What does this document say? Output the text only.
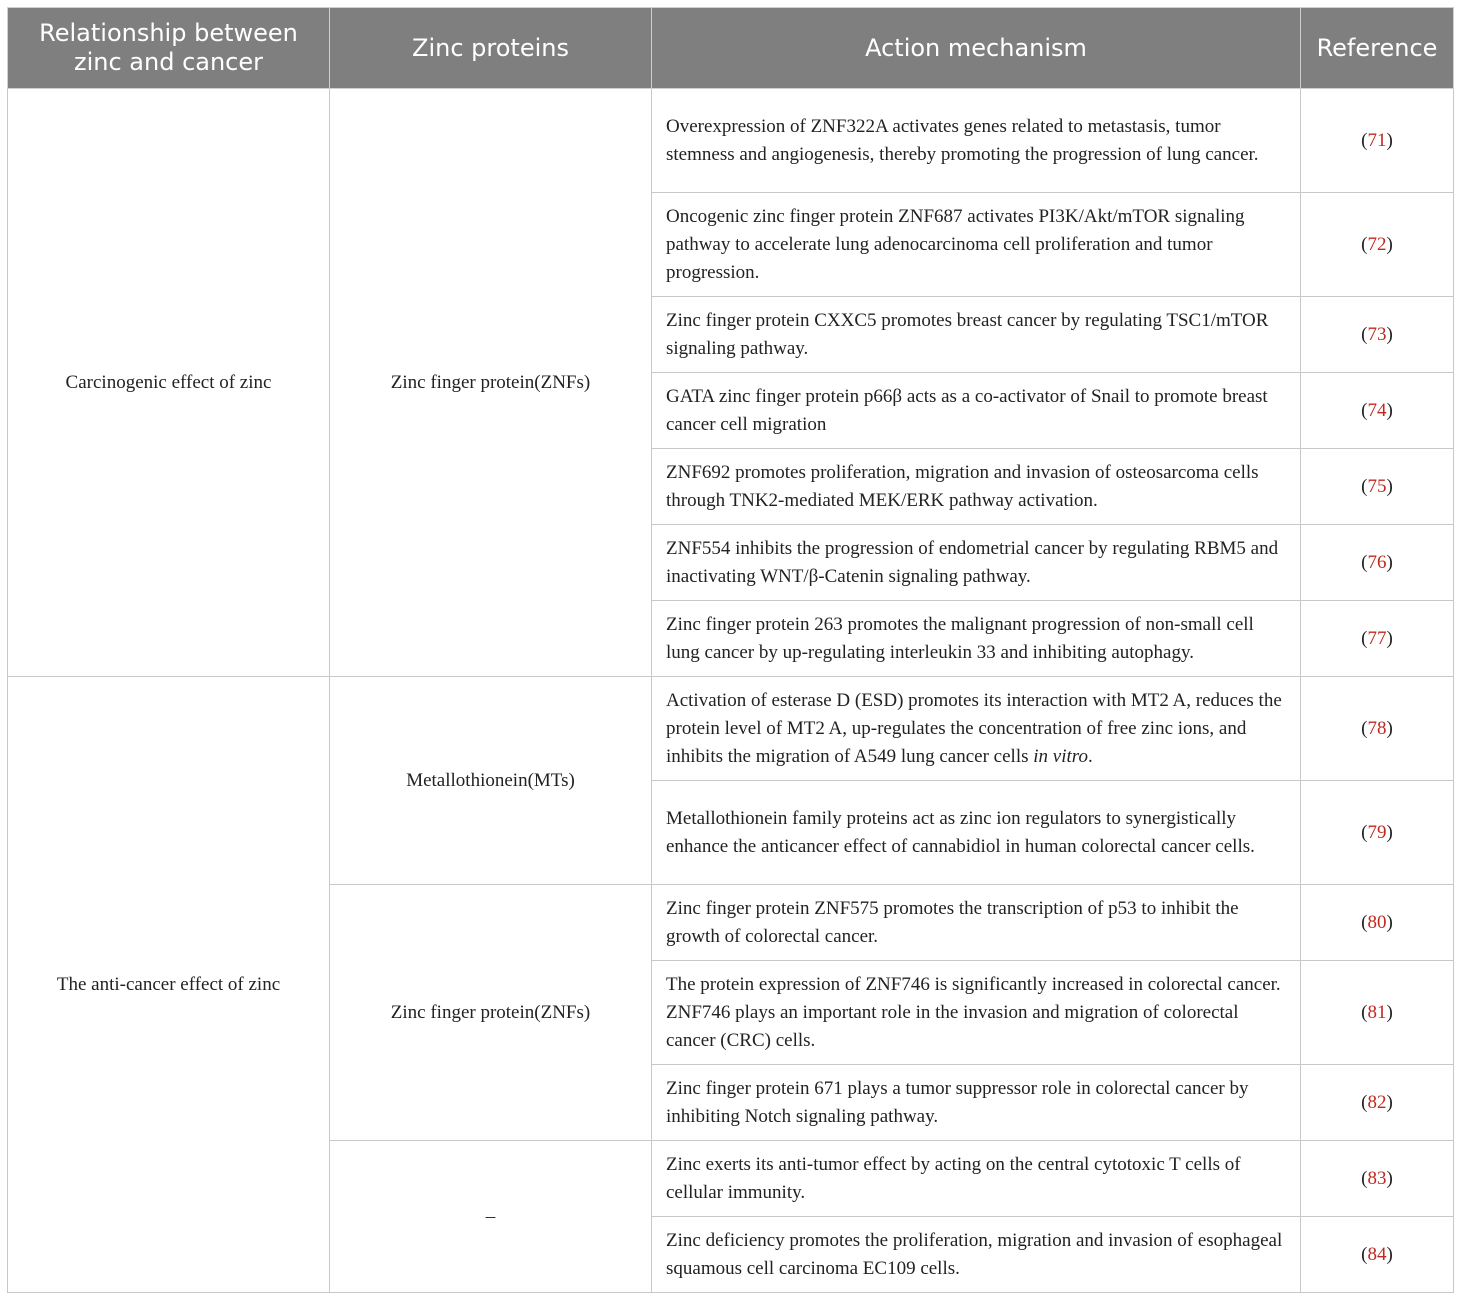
Relationship between zinc and cancer	Zinc proteins	Action mechanism	Reference
Carcinogenic effect of zinc	Zinc finger protein(ZNFs)	Overexpression of ZNF322A activates genes related to metastasis, tumor stemness and angiogenesis, thereby promoting the progression of lung cancer.	(71)
		Oncogenic zinc finger protein ZNF687 activates PI3K/Akt/mTOR signaling pathway to accelerate lung adenocarcinoma cell proliferation and tumor progression.	(72)
		Zinc finger protein CXXC5 promotes breast cancer by regulating TSC1/mTOR signaling pathway.	(73)
		GATA zinc finger protein p66β acts as a co-activator of Snail to promote breast cancer cell migration	(74)
		ZNF692 promotes proliferation, migration and invasion of osteosarcoma cells through TNK2-mediated MEK/ERK pathway activation.	(75)
		ZNF554 inhibits the progression of endometrial cancer by regulating RBM5 and inactivating WNT/β-Catenin signaling pathway.	(76)
		Zinc finger protein 263 promotes the malignant progression of non-small cell lung cancer by up-regulating interleukin 33 and inhibiting autophagy.	(77)
The anti-cancer effect of zinc	Metallothionein(MTs)	Activation of esterase D (ESD) promotes its interaction with MT2 A, reduces the protein level of MT2 A, up-regulates the concentration of free zinc ions, and inhibits the migration of A549 lung cancer cells in vitro.	(78)
		Metallothionein family proteins act as zinc ion regulators to synergistically enhance the anticancer effect of cannabidiol in human colorectal cancer cells.	(79)
	Zinc finger protein(ZNFs)	Zinc finger protein ZNF575 promotes the transcription of p53 to inhibit the growth of colorectal cancer.	(80)
		The protein expression of ZNF746 is significantly increased in colorectal cancer. ZNF746 plays an important role in the invasion and migration of colorectal cancer (CRC) cells.	(81)
		Zinc finger protein 671 plays a tumor suppressor role in colorectal cancer by inhibiting Notch signaling pathway.	(82)
	–	Zinc exerts its anti-tumor effect by acting on the central cytotoxic T cells of cellular immunity.	(83)
		Zinc deficiency promotes the proliferation, migration and invasion of esophageal squamous cell carcinoma EC109 cells.	(84)
